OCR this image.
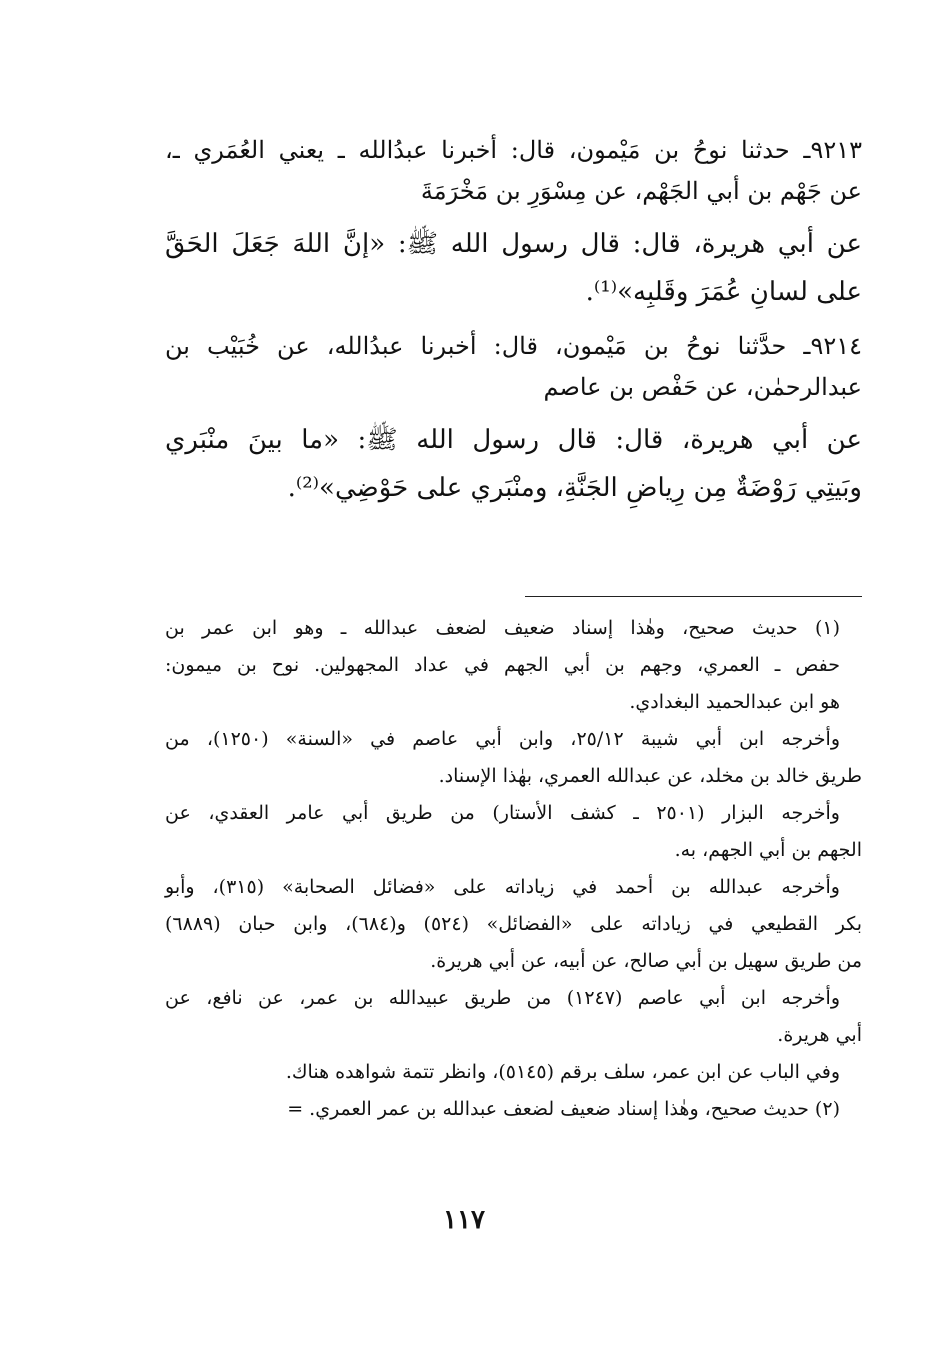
٩٢١٣ـ حدثنا نوحُ بن مَيْمون، قال: أخبرنا عبدُالله ـ يعني العُمَري ـ،
عن جَهْم بن أبي الجَهْم، عن مِسْوَرِ بن مَخْرَمَةَ
عن أبي هريرة، قال: قال رسول الله ﷺ: «إنَّ اللهَ جَعَلَ الحَقَّ
على لسانِ عُمَرَ وقَلبِه»⁽¹⁾.
٩٢١٤ـ حدَّثنا نوحُ بن مَيْمون، قال: أخبرنا عبدُالله، عن خُبَيْب بن
عبدالرحمٰن، عن حَفْص بن عاصم
عن أبي هريرة، قال: قال رسول الله ﷺ: «ما بينَ منْبَري
وبَيتِي رَوْضَةٌ مِن رِياضِ الجَنَّةِ، ومنْبَري على حَوْضِي»⁽²⁾.
(١) حديث صحيح، وهٰذا إسناد ضعيف لضعف عبدالله ـ وهو ابن عمر بن
حفص ـ العمري، وجهم بن أبي الجهم في عداد المجهولين. نوح بن ميمون:
هو ابن عبدالحميد البغدادي.
وأخرجه ابن أبي شيبة ٢٥/١٢، وابن أبي عاصم في «السنة» (١٢٥٠)، من
طريق خالد بن مخلد، عن عبدالله العمري، بهٰذا الإسناد.
وأخرجه البزار (٢٥٠١ ـ كشف الأستار) من طريق أبي عامر العقدي، عن
الجهم بن أبي الجهم، به.
وأخرجه عبدالله بن أحمد في زياداته على «فضائل الصحابة» (٣١٥)، وأبو
بكر القطيعي في زياداته على «الفضائل» (٥٢٤) و(٦٨٤)، وابن حبان (٦٨٨٩)
من طريق سهيل بن أبي صالح، عن أبيه، عن أبي هريرة.
وأخرجه ابن أبي عاصم (١٢٤٧) من طريق عبيدالله بن عمر، عن نافع، عن
أبي هريرة.
وفي الباب عن ابن عمر، سلف برقم (٥١٤٥)، وانظر تتمة شواهده هناك.
(٢) حديث صحيح، وهٰذا إسناد ضعيف لضعف عبدالله بن عمر العمري. =
١١٧
